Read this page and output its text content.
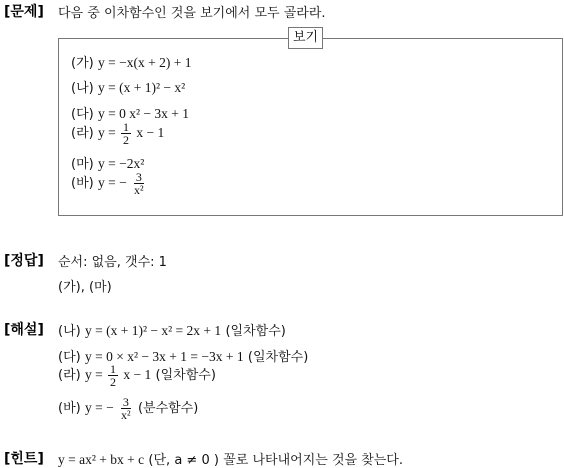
[문제] 다음 중 이차함수인 것을 보기에서 모두 골라라.
보기
(가) y = −x(x + 2) + 1
(나) y = (x + 1)² − x²
(다) y = 0 x² − 3x + 1
(라) $y = \frac{1}{2}$ x − 1
(마) y = −2x²
(바) y = − $\frac{3}{\text{x²}}$
[정답] 순서: 없음, 갯수: 1
(가), (마)
[해설] (나) y = (x + 1)² − x² = 2x + 1 (일차함수)
(다) y = 0 × x² − 3x + 1 = −3x + 1 (일차함수)
(라) $y = \frac{1}{2}$ x − 1 (일차함수)
(바) y = − $\frac{3}{\text{x²}}$ (분수함수)
[힌트] y = ax² + bx + c (단, a ≠ 0 ) 꼴로 나타내어지는 것을 찾는다.
